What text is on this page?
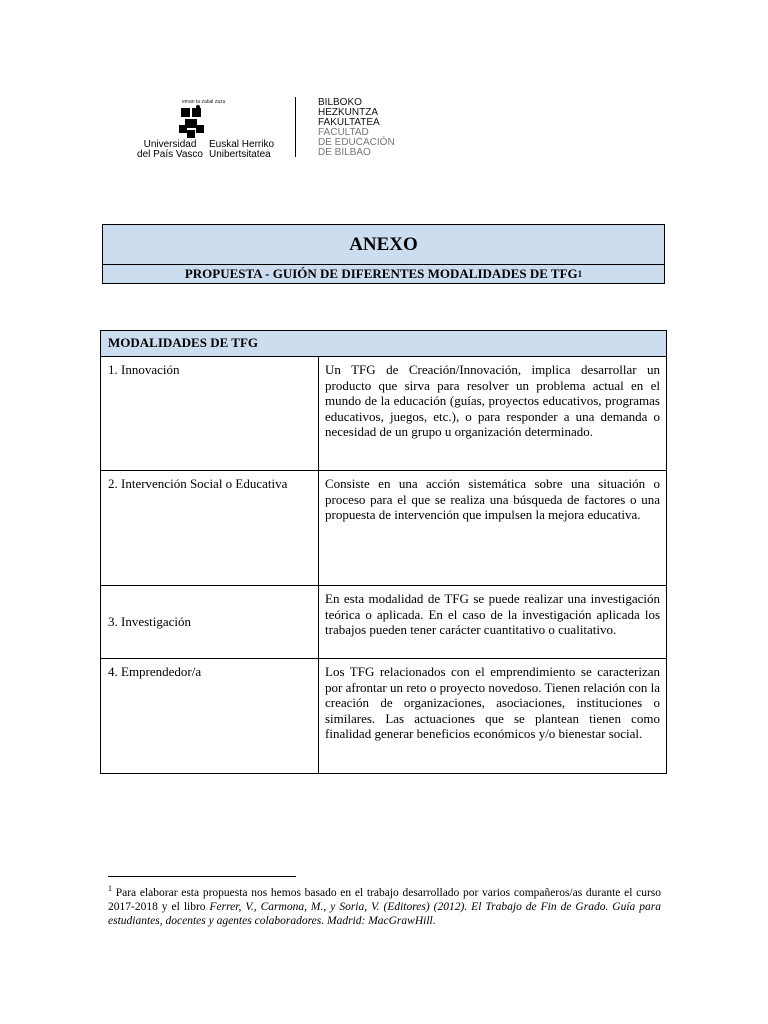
eman ta zabal zazu
Universidad
del País Vasco
Euskal Herriko
Unibertsitatea
BILBOKO
HEZKUNTZA
FAKULTATEA
FACULTAD
DE EDUCACIÓN
DE BILBAO
ANEXO
PROPUESTA - GUIÓN DE DIFERENTES MODALIDADES DE TFG 1
MODALIDADES DE TFG	
1. Innovación	Un TFG de Creación/Innovación, implica desarrollar un producto que sirva para resolver un problema actual en el mundo de la educación (guías, proyectos educativos, programas educativos, juegos, etc.), o para responder a una demanda o necesidad de un grupo u organización determinado.
2. Intervención Social o Educativa	Consiste en una acción sistemática sobre una situación o proceso para el que se realiza una búsqueda de factores o una propuesta de intervención que impulsen la mejora educativa.
3. Investigación	En esta modalidad de TFG se puede realizar una investigación teórica o aplicada. En el caso de la investigación aplicada los trabajos pueden tener carácter cuantitativo o cualitativo.
4. Emprendedor/a	Los TFG relacionados con el emprendimiento se caracterizan por afrontar un reto o proyecto novedoso. Tienen relación con la creación de organizaciones, asociaciones, instituciones o similares. Las actuaciones que se plantean tienen como finalidad generar beneficios económicos y/o bienestar social.
$^1$ Para elaborar esta propuesta nos hemos basado en el trabajo desarrollado por varios compañeros/as durante el curso 2017-2018 y el libro Ferrer, V., Carmona, M., y Soria, V. (Editores) (2012). El Trabajo de Fin de Grado. Guía para estudiantes, docentes y agentes colaboradores. Madrid: MacGrawHill.
